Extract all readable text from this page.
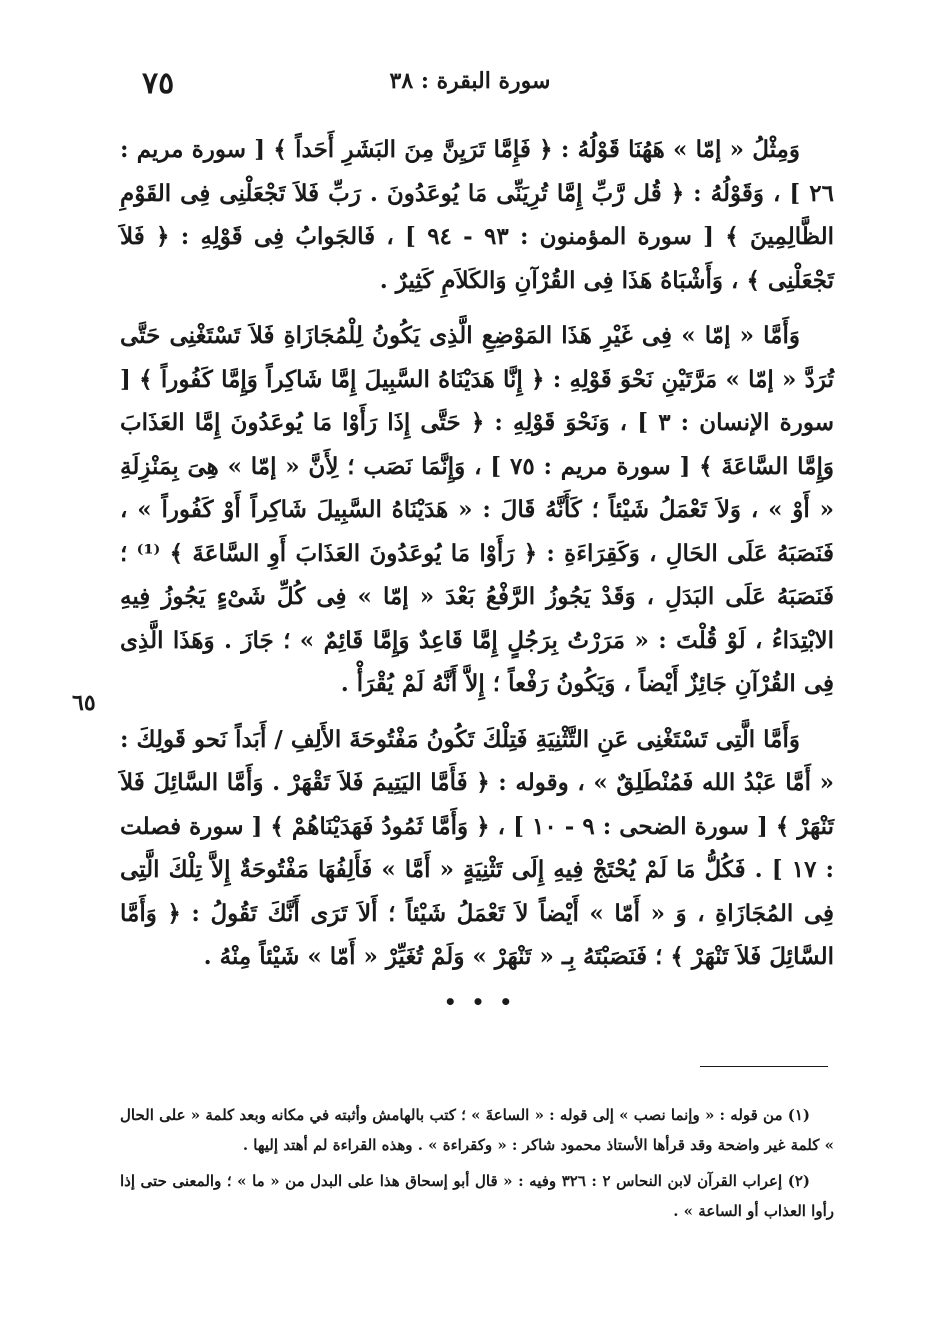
٧٥	سورة البقرة : ٣٨

وَمِثْلُ « إمّا » هَهُنَا قَوْلُهُ : ﴿ فَإِمَّا تَرَيِنَّ مِنَ البَشَرِ أَحَداً ﴾ [ سورة مريم : ٢٦ ] ، وَقَوْلُهُ : ﴿ قُل رَّبِّ إِمَّا تُرِيَنِّى مَا يُوعَدُونَ . رَبِّ فَلاَ تَجْعَلْنِى فِى القَوْمِ الظَّالِمِينَ ﴾ [ سورة المؤمنون : ٩٣ - ٩٤ ] ، فَالجَوابُ فِى قَوْلِهِ : ﴿ فَلاَ تَجْعَلْنِى ﴾ ، وَأَشْبَاهُ هَذَا فِى القُرْآنِ وَالكَلاَمِ كَثِيرٌ .

وَأَمَّا « إمّا » فِى غَيْرِ هَذَا المَوْضِعِ الَّذِى يَكُونُ لِلْمُجَازَاةِ فَلاَ تَسْتَغْنِى حَتَّى تُرَدَّ « إمّا » مَرَّتَيْنِ نَحْوَ قَوْلِهِ : ﴿ إِنَّا هَدَيْنَاهُ السَّبِيلَ إِمَّا شَاكِراً وَإِمَّا كَفُوراً ﴾ [ سورة الإنسان : ٣ ] ، وَنَحْوَ قَوْلِهِ : ﴿ حَتَّى إِذَا رَأَوْا مَا يُوعَدُونَ إِمَّا العَذَابَ وَإِمَّا السَّاعَةَ ﴾ [ سورة مريم : ٧٥ ] ، وَإِنَّمَا نَصَب ؛ لِأَنَّ « إمّا » هِىَ بِمَنْزِلَةِ « أَوْ » ، وَلاَ تَعْمَلُ شَيْئاً ؛ كَأَنَّهُ قَالَ : « هَدَيْنَاهُ السَّبِيلَ شَاكِراً أَوْ كَفُوراً » ، فَنَصَبَهُ عَلَى الحَالِ ، وَكَقِرَاءَةِ : ﴿ رَأَوْا مَا يُوعَدُونَ العَذَابَ أَوِ السَّاعَةَ ﴾ ⁽¹⁾ ؛ فَنَصَبَهُ عَلَى البَدَلِ ، وَقَدْ يَجُوزُ الرَّفْعُ بَعْدَ « إمّا » فِى كُلِّ شَىْءٍ يَجُوزُ فِيهِ الابْتِدَاءُ ، لَوْ قُلْتَ : « مَرَرْتُ بِرَجُلٍ إِمَّا قَاعِدٌ وَإِمَّا قَائِمٌ » ؛ جَازَ . وَهَذَا الَّذِى فِى القُرْآنِ جَائِزٌ أَيْضاً ، وَيَكُونُ رَفْعاً ؛ إِلاَّ أَنَّهُ لَمْ يُقْرَأْ .

وَأَمَّا الَّتِى تَسْتَغْنِى عَنِ التَّثْنِيَةِ فَتِلْكَ تَكُونُ مَفْتُوحَةَ الأَلِفِ / أَبَداً نَحو قَولِكَ : « أَمَّا عَبْدُ الله فَمُنْطَلِقٌ » ، وقوله : ﴿ فَأَمَّا اليَتِيمَ فَلاَ تَقْهَرْ . وَأَمَّا السَّائِلَ فَلاَ تَنْهَرْ ﴾ [ سورة الضحى : ٩ - ١٠ ] ، ﴿ وَأَمَّا ثَمُودُ فَهَدَيْنَاهُمْ ﴾ [ سورة فصلت : ١٧ ] . فَكُلُّ مَا لَمْ يُحْتَجْ فِيهِ إِلَى تَثْنِيَةٍ « أَمَّا » فَأَلِفُهَا مَفْتُوحَةٌ إِلاَّ تِلْكَ الَّتِى فِى المُجَازَاةِ ، وَ « أَمّا » أَيْضاً لاَ تَعْمَلُ شَيْئاً ؛ أَلاَ تَرَى أَنَّكَ تَقُولُ : ﴿ وَأَمَّا السَّائِلَ فَلاَ تَنْهَرْ ﴾ ؛ فَنَصَبْتَهُ بِـ « تَنْهَرْ » وَلَمْ تُغَيِّرْ « أَمّا » شَيْئاً مِنْهُ .

٦٥
• • •

(١) من قوله : « وإنما نصب » إلى قوله : « الساعةَ » ؛ كتب بالهامش وأثبته في مكانه وبعد كلمة « على الحال » كلمة غير واضحة وقد قرأها الأستاذ محمود شاكر : « وكقراءة » . وهذه القراءة لم أهتد إليها .

(٢) إعراب القرآن لابن النحاس ٢ : ٣٢٦ وفيه : « قال أبو إسحاق هذا على البدل من « ما » ؛ والمعنى حتى إذا رأوا العذاب أو الساعة » .
